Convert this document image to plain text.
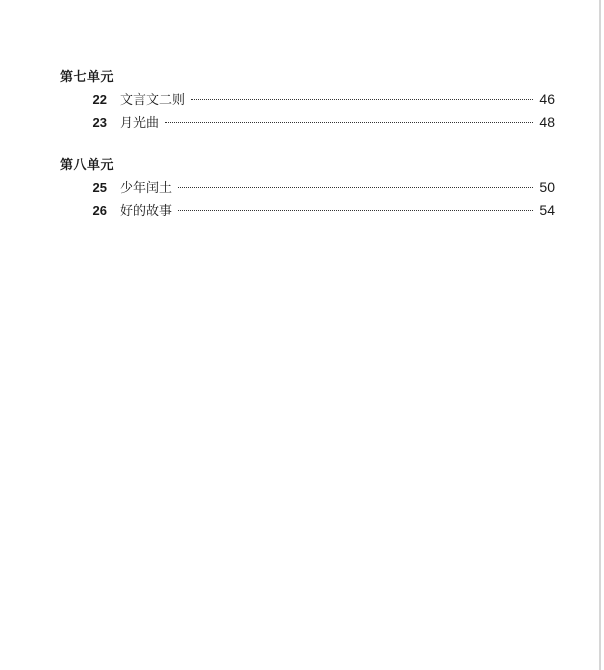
第七单元
22 文言文二则	46
23 月光曲	48
第八单元
25 少年闰土	50
26 好的故事	54
